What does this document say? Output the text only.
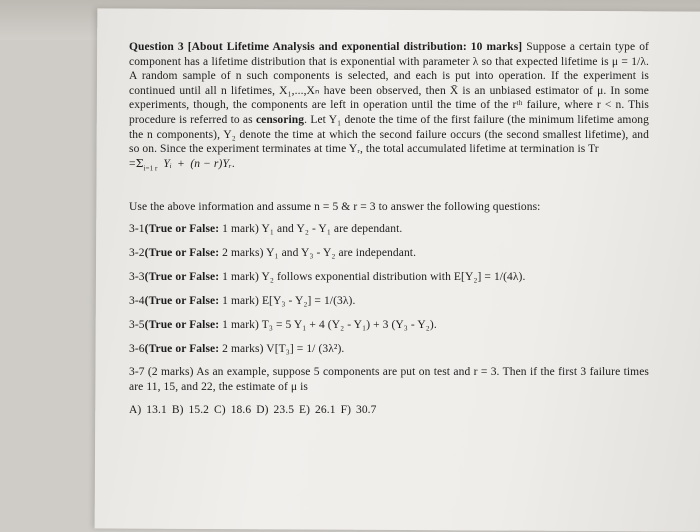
Question 3 [About Lifetime Analysis and exponential distribution: 10 marks] Suppose a certain type of component has a lifetime distribution that is exponential with parameter λ so that expected lifetime is μ = 1/λ. A random sample of n such components is selected, and each is put into operation. If the experiment is continued until all n lifetimes, X₁,...,Xₙ have been observed, then X̄ is an unbiased estimator of μ. In some experiments, though, the components are left in operation until the time of the rᵗʰ failure, where r < n. This procedure is referred to as censoring. Let Y₁ denote the time of the first failure (the minimum lifetime among the n components), Y₂ denote the time at which the second failure occurs (the second smallest lifetime), and so on. Since the experiment terminates at time Yᵣ, the total accumulated lifetime at termination is Tr
$=\Sigma_{i=1 r}$ Yᵢ + (n − r)Yᵣ.
Use the above information and assume n = 5 & r = 3 to answer the following questions:
3-1(True or False: 1 mark) Y₁ and Y₂ - Y₁ are dependant.
3-2(True or False: 2 marks) Y₁ and Y₃ - Y₂ are independant.
3-3(True or False: 1 mark) Y₂ follows exponential distribution with E[Y₂] = 1/(4λ).
3-4(True or False: 1 mark) E[Y₃ - Y₂] = 1/(3λ).
3-5(True or False: 1 mark) T₃ = 5 Y₁ + 4 (Y₂ - Y₁) + 3 (Y₃ - Y₂).
3-6(True or False: 2 marks) V[T₃] = 1/ (3λ²).
3-7 (2 marks) As an example, suppose 5 components are put on test and r = 3. Then if the first 3 failure times are 11, 15, and 22, the estimate of μ is
A) 13.1 B) 15.2 C) 18.6 D) 23.5 E) 26.1 F) 30.7
